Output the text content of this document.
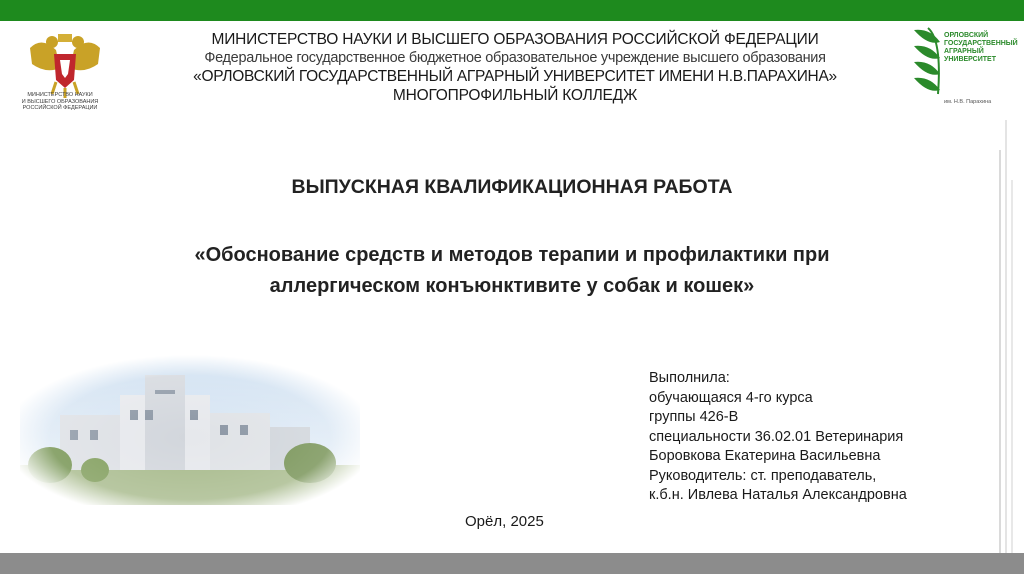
МИНИСТЕРСТВО НАУКИ
И ВЫСШЕГО ОБРАЗОВАНИЯ
РОССИЙСКОЙ ФЕДЕРАЦИИ
ОРЛОВСКИЙ
ГОСУДАРСТВЕННЫЙ
АГРАРНЫЙ
УНИВЕРСИТЕТ
им. Н.В. Парахина
МИНИСТЕРСТВО НАУКИ И ВЫСШЕГО ОБРАЗОВАНИЯ РОССИЙСКОЙ ФЕДЕРАЦИИ
Федеральное государственное бюджетное образовательное учреждение высшего образования
«ОРЛОВСКИЙ ГОСУДАРСТВЕННЫЙ АГРАРНЫЙ УНИВЕРСИТЕТ ИМЕНИ Н.В.ПАРАХИНА»
МНОГОПРОФИЛЬНЫЙ КОЛЛЕДЖ
ВЫПУСКНАЯ КВАЛИФИКАЦИОННАЯ РАБОТА
«Обоснование средств и методов терапии и профилактики при
аллергическом конъюнктивите у собак и кошек»
Выполнила:
обучающаяся 4-го курса
группы 426-В
специальности 36.02.01 Ветеринария
Боровкова Екатерина Васильевна
Руководитель: ст. преподаватель,
к.б.н. Ивлева Наталья Александровна
Орёл, 2025
